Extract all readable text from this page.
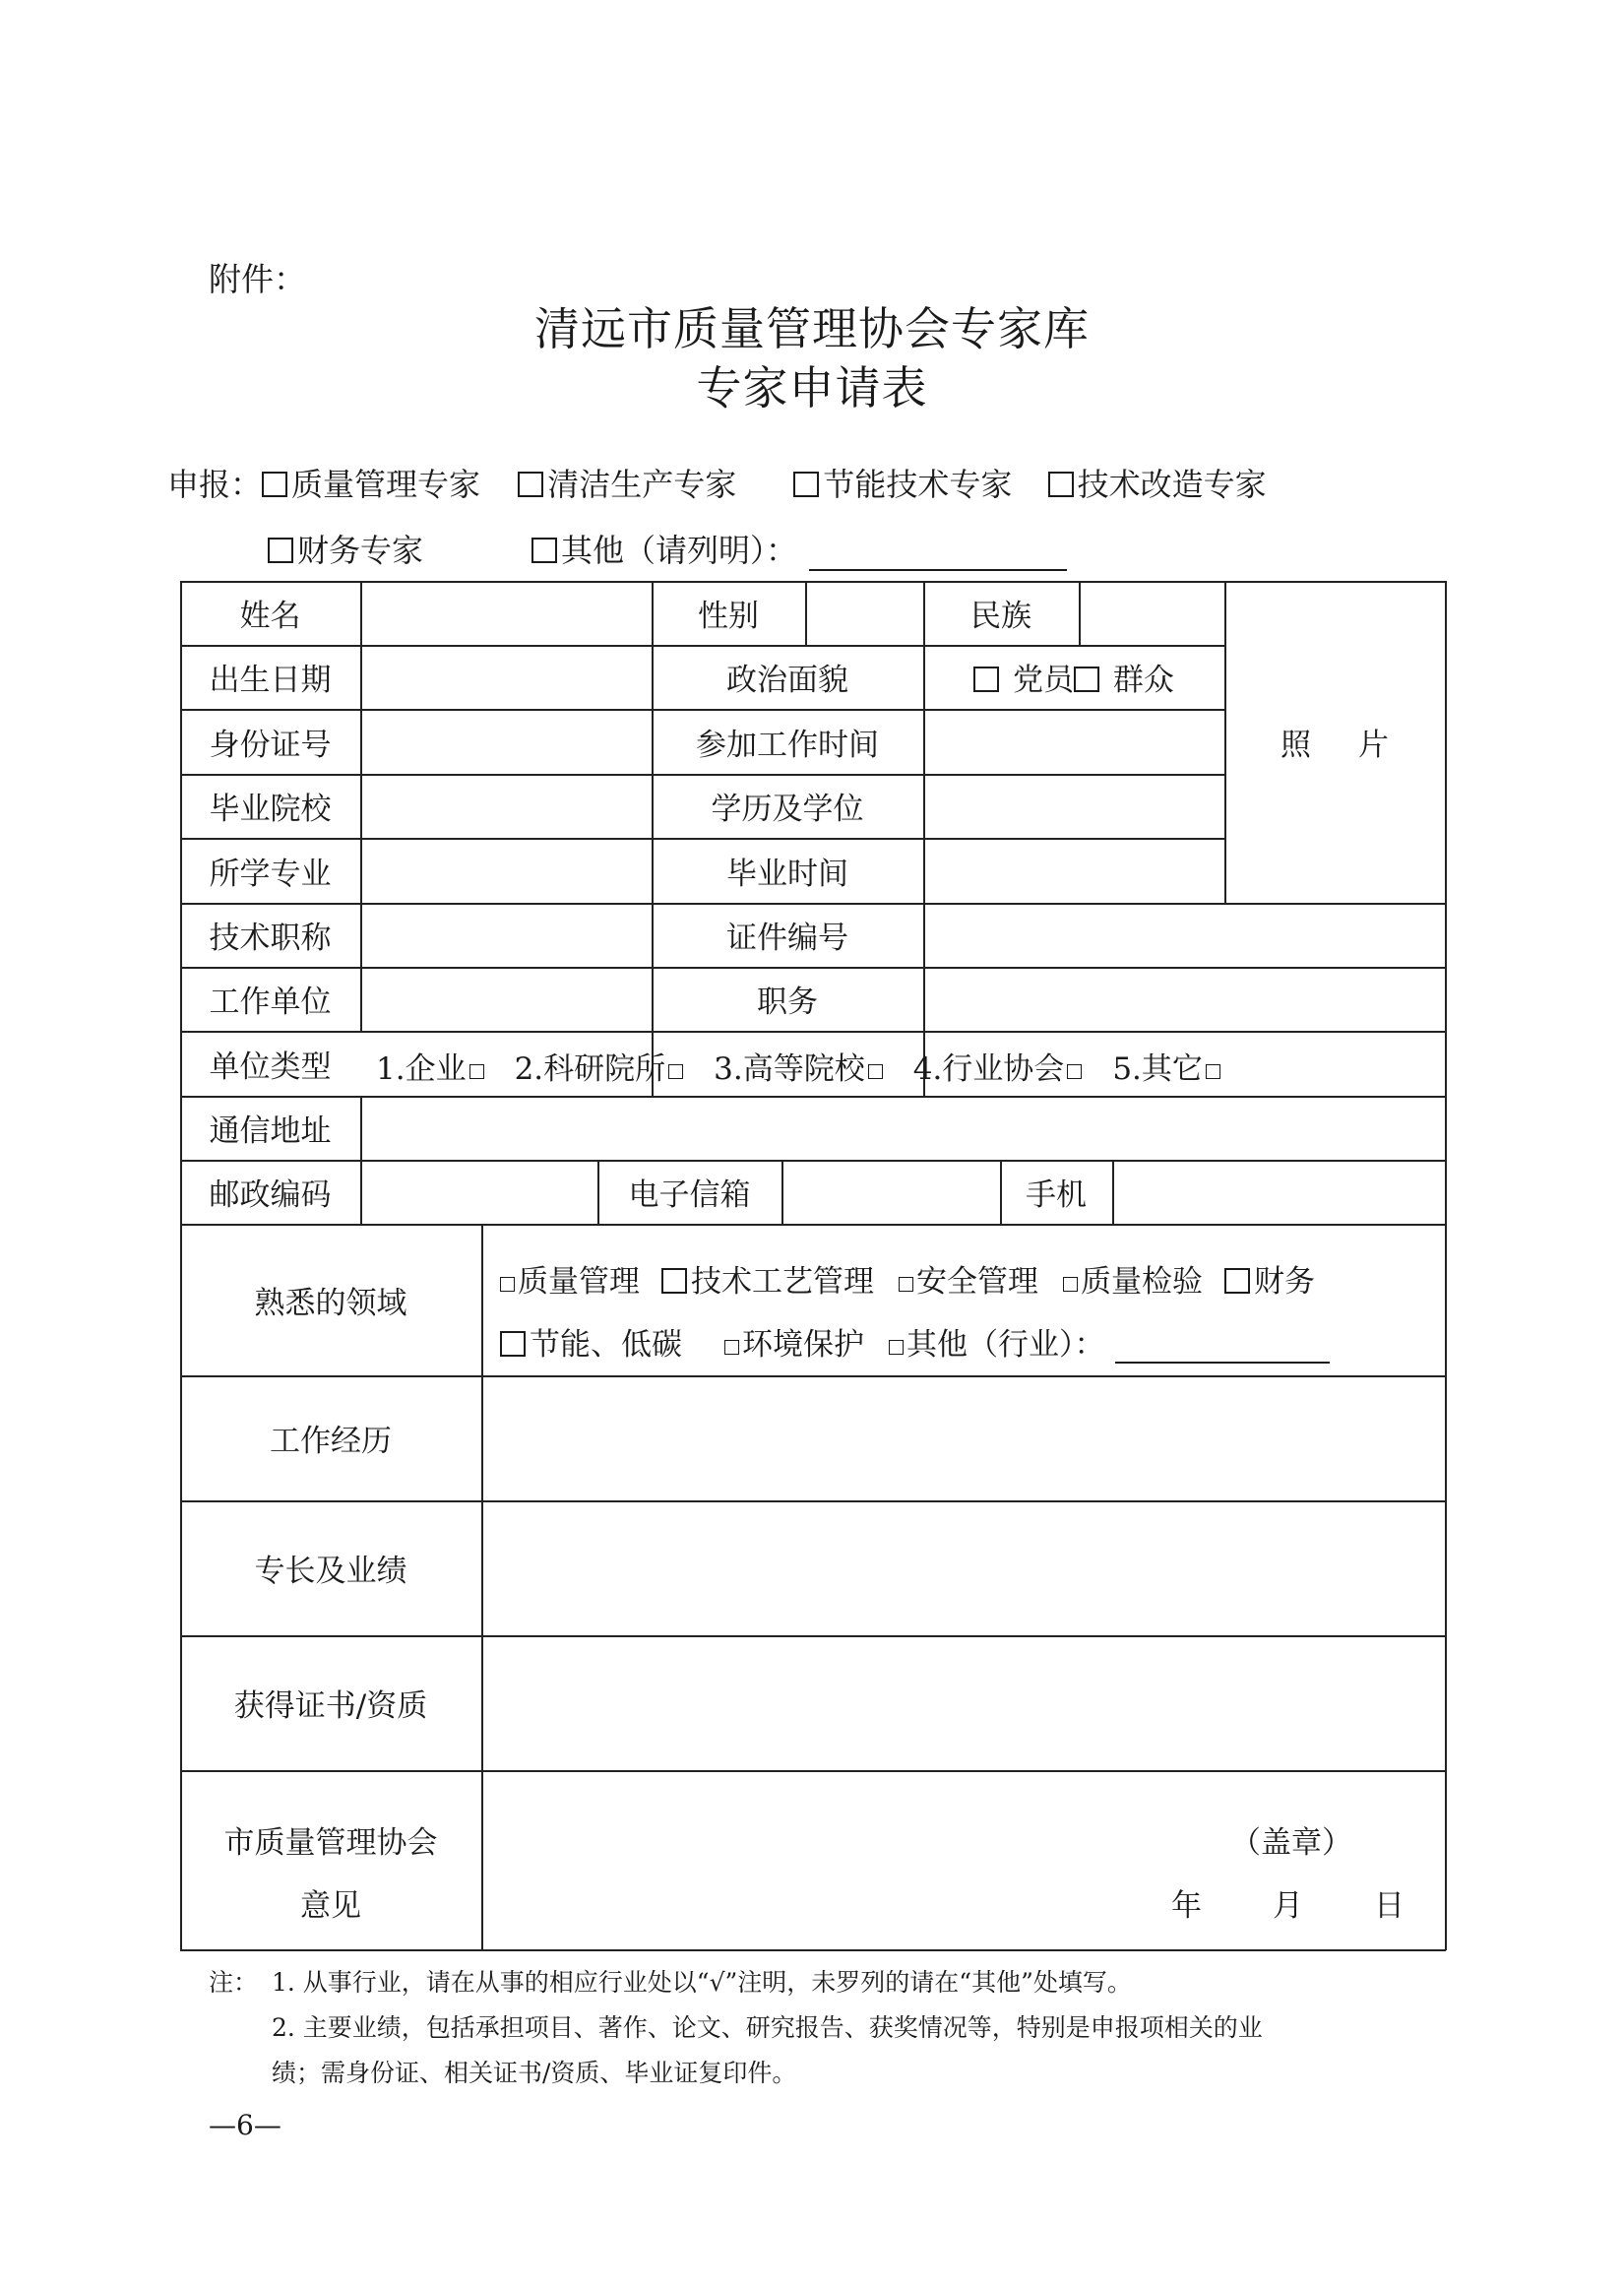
附件：
清远市质量管理协会专家库
专家申请表
申报： 质量管理专家 清洁生产专家	节能技术专家 技术改造专家
财务专家	其他（请列明）：
姓名	性别	民族
照 片
出生日期	政治面貌	党员	群众
身份证号	参加工作时间
毕业院校	学历及学位
所学专业	毕业时间
技术职称	证件编号
工作单位	职务
单位类型	1.企业 2.科研院所 3.高等院校 4.行业协会 5.其它
通信地址
邮政编码	电子信箱	手机
熟悉的领域
质量管理 技术工艺管理 安全管理 质量检验 财务
节能、低碳 环境保护 其他（行业）：
工作经历
专长及业绩
获得证书/资质
市质量管理协会
意见
（盖章）
年 月 日
注： 1. 从事行业，请在从事的相应行业处以“√”注明，未罗列的请在“其他”处填写。
2. 主要业绩，包括承担项目、著作、论文、研究报告、获奖情况等，特别是申报项相关的业
绩；需身份证、相关证书/资质、毕业证复印件。
—6—
